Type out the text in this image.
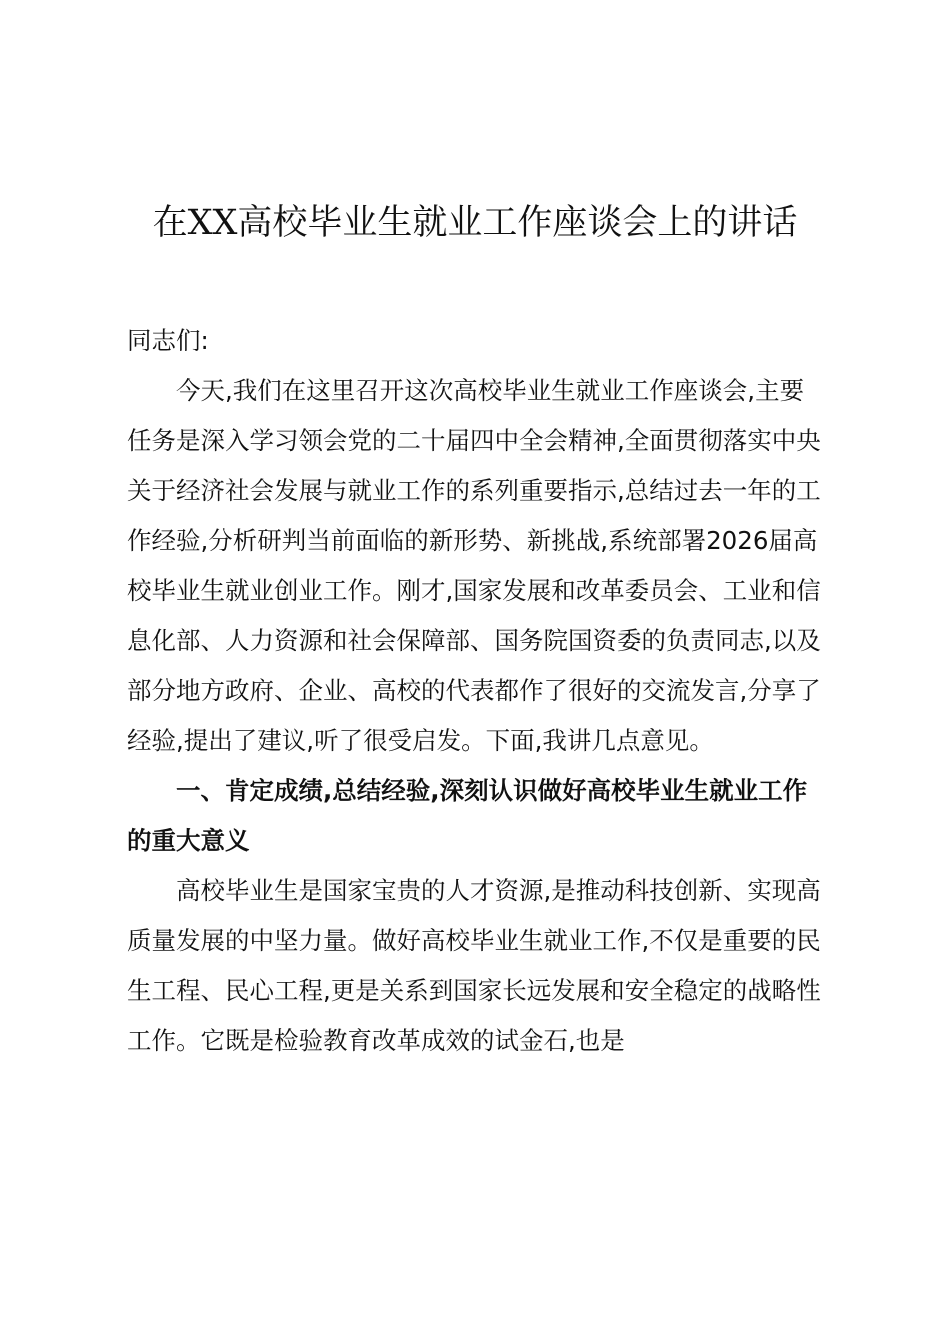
在XX高校毕业生就业工作座谈会上的讲话

同志们:

今天,我们在这里召开这次高校毕业生就业工作座谈会,主要任务是深入学习领会党的二十届四中全会精神,全面贯彻落实中央关于经济社会发展与就业工作的系列重要指示,总结过去一年的工作经验,分析研判当前面临的新形势、新挑战,系统部署2026届高校毕业生就业创业工作。刚才,国家发展和改革委员会、工业和信息化部、人力资源和社会保障部、国务院国资委的负责同志,以及部分地方政府、企业、高校的代表都作了很好的交流发言,分享了经验,提出了建议,听了很受启发。下面,我讲几点意见。

一、肯定成绩,总结经验,深刻认识做好高校毕业生就业工作的重大意义

高校毕业生是国家宝贵的人才资源,是推动科技创新、实现高质量发展的中坚力量。做好高校毕业生就业工作,不仅是重要的民生工程、民心工程,更是关系到国家长远发展和安全稳定的战略性工作。它既是检验教育改革成效的试金石,也是
